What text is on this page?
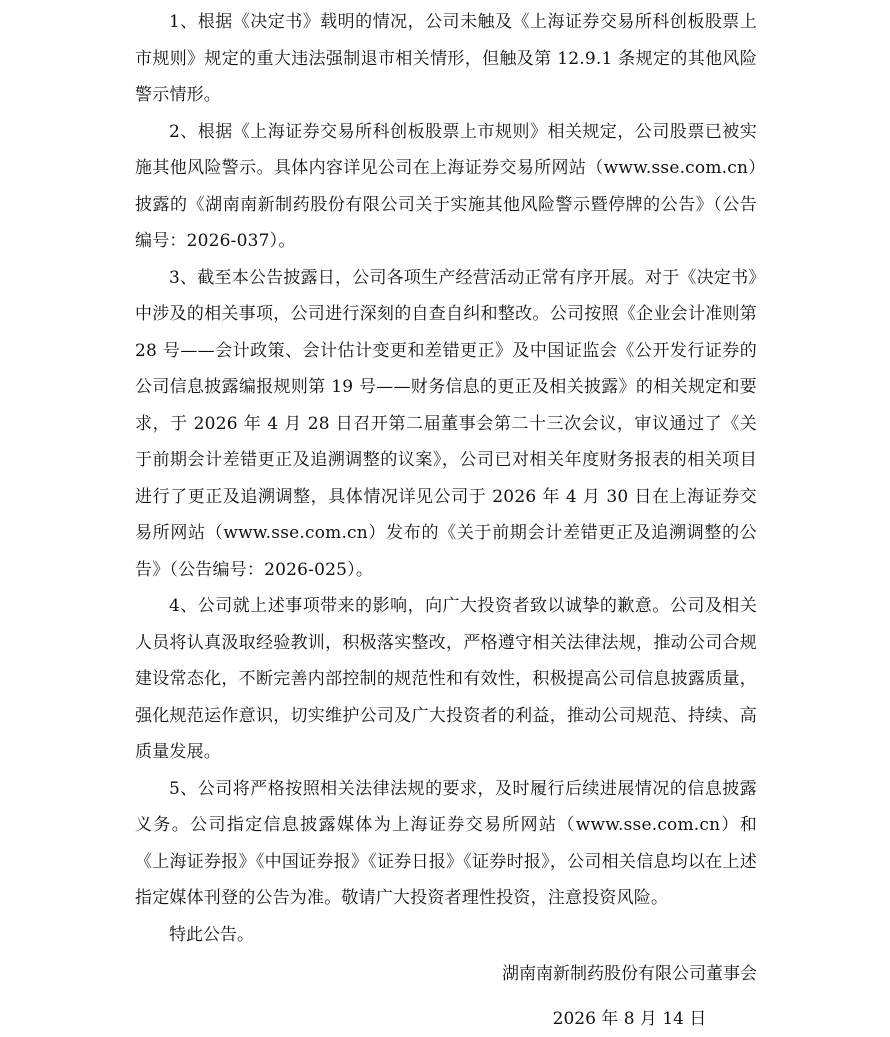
1、根据《决定书》载明的情况，公司未触及《上海证券交易所科创板股票上市规则》规定的重大违法强制退市相关情形，但触及第 12.9.1 条规定的其他风险警示情形。

2、根据《上海证券交易所科创板股票上市规则》相关规定，公司股票已被实施其他风险警示。具体内容详见公司在上海证券交易所网站（www.sse.com.cn）披露的《湖南南新制药股份有限公司关于实施其他风险警示暨停牌的公告》（公告编号：2026-037）。

3、截至本公告披露日，公司各项生产经营活动正常有序开展。对于《决定书》中涉及的相关事项，公司进行深刻的自查自纠和整改。公司按照《企业会计准则第 28 号——会计政策、会计估计变更和差错更正》及中国证监会《公开发行证券的公司信息披露编报规则第 19 号——财务信息的更正及相关披露》的相关规定和要求，于 2026 年 4 月 28 日召开第二届董事会第二十三次会议，审议通过了《关于前期会计差错更正及追溯调整的议案》，公司已对相关年度财务报表的相关项目进行了更正及追溯调整，具体情况详见公司于 2026 年 4 月 30 日在上海证券交易所网站（www.sse.com.cn）发布的《关于前期会计差错更正及追溯调整的公告》（公告编号：2026-025）。

4、公司就上述事项带来的影响，向广大投资者致以诚挚的歉意。公司及相关人员将认真汲取经验教训，积极落实整改，严格遵守相关法律法规，推动公司合规建设常态化，不断完善内部控制的规范性和有效性，积极提高公司信息披露质量，强化规范运作意识，切实维护公司及广大投资者的利益，推动公司规范、持续、高质量发展。

5、公司将严格按照相关法律法规的要求，及时履行后续进展情况的信息披露义务。公司指定信息披露媒体为上海证券交易所网站（www.sse.com.cn）和《上海证券报》《中国证券报》《证券日报》《证券时报》，公司相关信息均以在上述指定媒体刊登的公告为准。敬请广大投资者理性投资，注意投资风险。

特此公告。

湖南南新制药股份有限公司董事会
2026 年 8 月 14 日
